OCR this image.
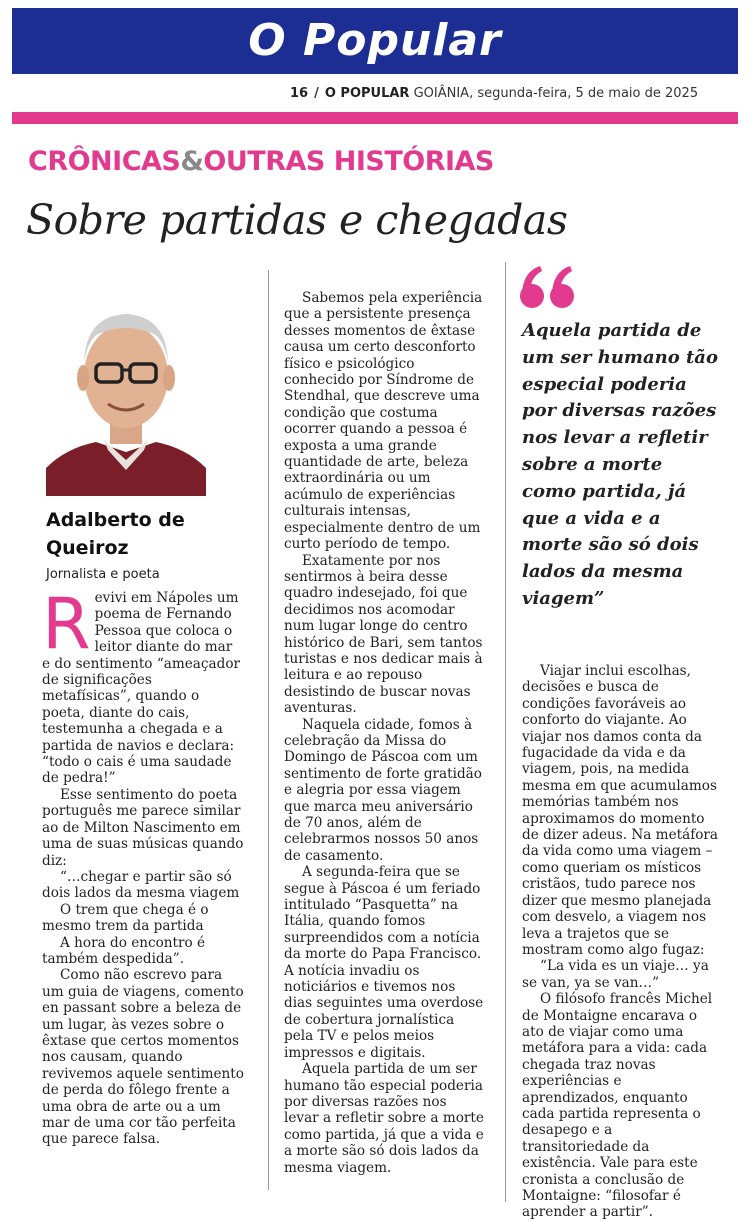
O Popular
16 / O POPULAR GOIÂNIA, segunda-feira, 5 de maio de 2025
CRÔNICAS&OUTRAS HISTÓRIAS
Sobre partidas e chegadas
Adalberto de Queiroz
Jornalista e poeta

Revivi em Nápoles um poema de Fernando Pessoa que coloca o leitor diante do mar e do sentimento “ameaçador de significações metafísicas”, quando o poeta, diante do cais, testemunha a chegada e a partida de navios e declara: “todo o cais é uma saudade de pedra!”

Esse sentimento do poeta português me parece similar ao de Milton Nascimento em uma de suas músicas quando diz:

“…chegar e partir são só dois lados da mesma viagem

O trem que chega é o mesmo trem da partida

A hora do encontro é também despedida”.

Como não escrevo para um guia de viagens, comento en passant sobre a beleza de um lugar, às vezes sobre o êxtase que certos momentos nos causam, quando revivemos aquele sentimento de perda do fôlego frente a uma obra de arte ou a um mar de uma cor tão perfeita que parece falsa.

Sabemos pela experiência que a persistente presença desses momentos de êxtase causa um certo desconforto físico e psicológico conhecido por Síndrome de Stendhal, que descreve uma condição que costuma ocorrer quando a pessoa é exposta a uma grande quantidade de arte, beleza extraordinária ou um acúmulo de experiências culturais intensas, especialmente dentro de um curto período de tempo.

Exatamente por nos sentirmos à beira desse quadro indesejado, foi que decidimos nos acomodar num lugar longe do centro histórico de Bari, sem tantos turistas e nos dedicar mais à leitura e ao repouso desistindo de buscar novas aventuras.

Naquela cidade, fomos à celebração da Missa do Domingo de Páscoa com um sentimento de forte gratidão e alegria por essa viagem que marca meu aniversário de 70 anos, além de celebrarmos nossos 50 anos de casamento.

A segunda-feira que se segue à Páscoa é um feriado intitulado “Pasquetta” na Itália, quando fomos surpreendidos com a notícia da morte do Papa Francisco. A notícia invadiu os noticiários e tivemos nos dias seguintes uma overdose de cobertura jornalística pela TV e pelos meios impressos e digitais.

Aquela partida de um ser humano tão especial poderia por diversas razões nos levar a refletir sobre a morte como partida, já que a vida e a morte são só dois lados da mesma viagem.

Aquela partida de um ser humano tão especial poderia por diversas razões nos levar a refletir sobre a morte como partida, já que a vida e a morte são só dois lados da mesma viagem”

Viajar inclui escolhas, decisões e busca de condições favoráveis ao conforto do viajante. Ao viajar nos damos conta da fugacidade da vida e da viagem, pois, na medida mesma em que acumulamos memórias também nos aproximamos do momento de dizer adeus. Na metáfora da vida como uma viagem – como queriam os místicos cristãos, tudo parece nos dizer que mesmo planejada com desvelo, a viagem nos leva a trajetos que se mostram como algo fugaz:

“La vida es un viaje… ya se van, ya se van…”

O filósofo francês Michel de Montaigne encarava o ato de viajar como uma metáfora para a vida: cada chegada traz novas experiências e aprendizados, enquanto cada partida representa o desapego e a transitoriedade da existência. Vale para este cronista a conclusão de Montaigne: “filosofar é aprender a partir”.
